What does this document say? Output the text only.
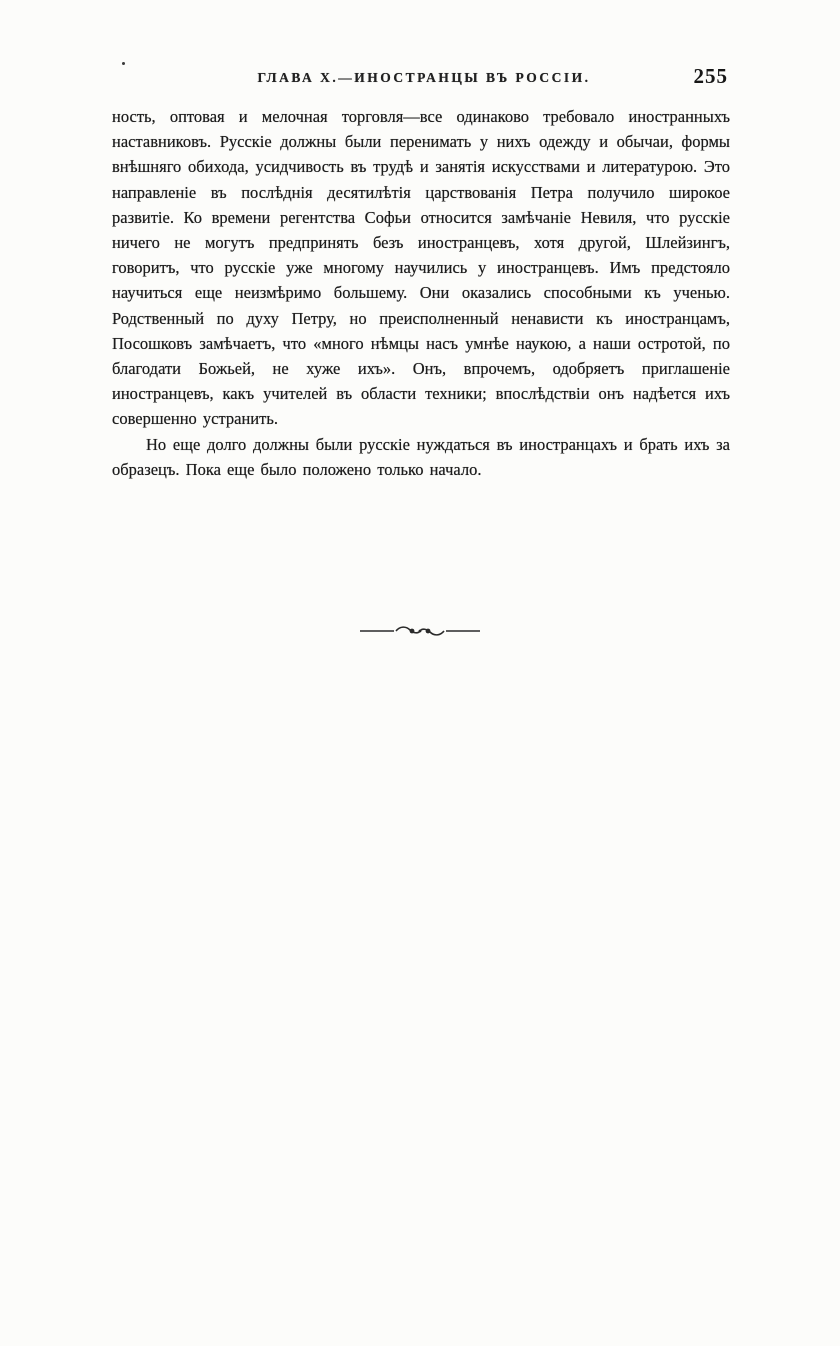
ГЛАВА X.—ИНОСТРАНЦЫ ВЪ РОССІИ.	255

ность, оптовая и мелочная торговля—все одинаково требовало иностранныхъ наставниковъ. Русскіе должны были перенимать у нихъ одежду и обычаи, формы внѣшняго обихода, усидчивость въ трудѣ и занятія искусствами и литературою. Это направленіе въ послѣднія десятилѣтія царствованія Петра получило широкое развитіе. Ко времени регентства Софьи относится замѣчаніе Невиля, что русскіе ничего не могутъ предпринять безъ иностранцевъ, хотя другой, Шлейзингъ, говоритъ, что русскіе уже многому научились у иностранцевъ. Имъ предстояло научиться еще неизмѣримо большему. Они оказались способными къ ученью. Родственный по духу Петру, но преисполненный ненависти къ иностранцамъ, Посошковъ замѣчаетъ, что «много нѣмцы насъ умнѣе наукою, а наши остротой, по благодати Божьей, не хуже ихъ». Онъ, впрочемъ, одобряетъ приглашеніе иностранцевъ, какъ учителей въ области техники; впослѣдствіи онъ надѣется ихъ совершенно устранить.

Но еще долго должны были русскіе нуждаться въ иностранцахъ и брать ихъ за образецъ. Пока еще было положено только начало.
